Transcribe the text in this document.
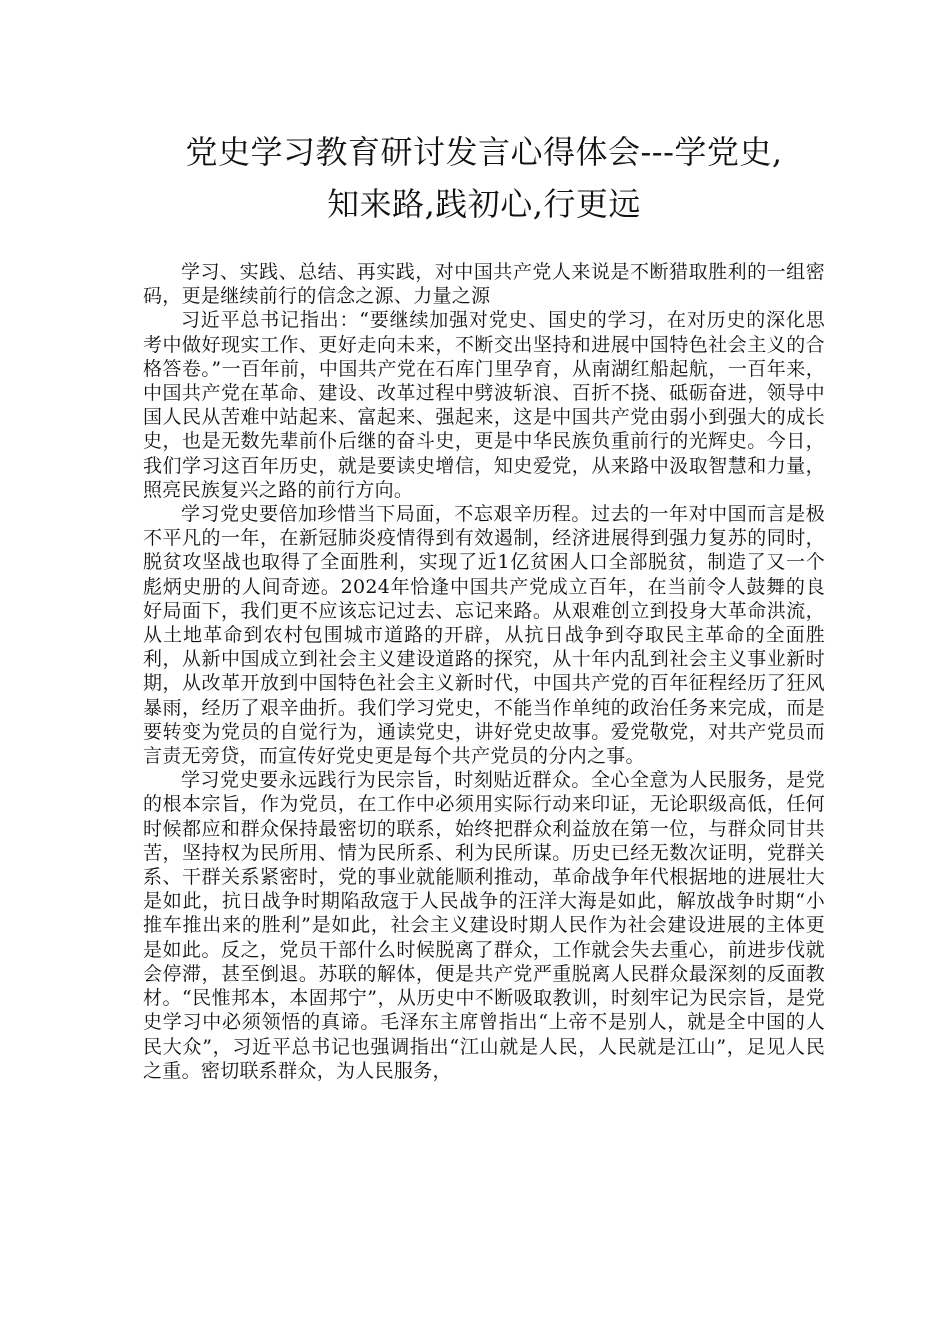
党史学习教育研讨发言心得体会---学党史,
知来路,践初心,行更远

学习、实践、总结、再实践，对中国共产党人来说是不断猎取胜利的一组密码，更是继续前行的信念之源、力量之源

习近平总书记指出：“要继续加强对党史、国史的学习，在对历史的深化思考中做好现实工作、更好走向未来，不断交出坚持和进展中国特色社会主义的合格答卷。”一百年前，中国共产党在石库门里孕育，从南湖红船起航，一百年来，中国共产党在革命、建设、改革过程中劈波斩浪、百折不挠、砥砺奋进，领导中国人民从苦难中站起来、富起来、强起来，这是中国共产党由弱小到强大的成长史，也是无数先辈前仆后继的奋斗史，更是中华民族负重前行的光辉史。今日，我们学习这百年历史，就是要读史增信，知史爱党，从来路中汲取智慧和力量，照亮民族复兴之路的前行方向。

学习党史要倍加珍惜当下局面，不忘艰辛历程。过去的一年对中国而言是极不平凡的一年，在新冠肺炎疫情得到有效遏制，经济进展得到强力复苏的同时，脱贫攻坚战也取得了全面胜利，实现了近1亿贫困人口全部脱贫，制造了又一个彪炳史册的人间奇迹。2024年恰逢中国共产党成立百年，在当前令人鼓舞的良好局面下，我们更不应该忘记过去、忘记来路。从艰难创立到投身大革命洪流，从土地革命到农村包围城市道路的开辟，从抗日战争到夺取民主革命的全面胜利，从新中国成立到社会主义建设道路的探究，从十年内乱到社会主义事业新时期，从改革开放到中国特色社会主义新时代，中国共产党的百年征程经历了狂风暴雨，经历了艰辛曲折。我们学习党史，不能当作单纯的政治任务来完成，而是要转变为党员的自觉行为，通读党史，讲好党史故事。爱党敬党，对共产党员而言责无旁贷，而宣传好党史更是每个共产党员的分内之事。

学习党史要永远践行为民宗旨，时刻贴近群众。全心全意为人民服务，是党的根本宗旨，作为党员，在工作中必须用实际行动来印证，无论职级高低，任何时候都应和群众保持最密切的联系，始终把群众利益放在第一位，与群众同甘共苦，坚持权为民所用、情为民所系、利为民所谋。历史已经无数次证明，党群关系、干群关系紧密时，党的事业就能顺利推动，革命战争年代根据地的进展壮大是如此，抗日战争时期陷敌寇于人民战争的汪洋大海是如此，解放战争时期“小推车推出来的胜利”是如此，社会主义建设时期人民作为社会建设进展的主体更是如此。反之，党员干部什么时候脱离了群众，工作就会失去重心，前进步伐就会停滞，甚至倒退。苏联的解体，便是共产党严重脱离人民群众最深刻的反面教材。“民惟邦本，本固邦宁”，从历史中不断吸取教训，时刻牢记为民宗旨，是党史学习中必须领悟的真谛。毛泽东主席曾指出“上帝不是别人，就是全中国的人民大众”，习近平总书记也强调指出“江山就是人民，人民就是江山”，足见人民之重。密切联系群众，为人民服务，
